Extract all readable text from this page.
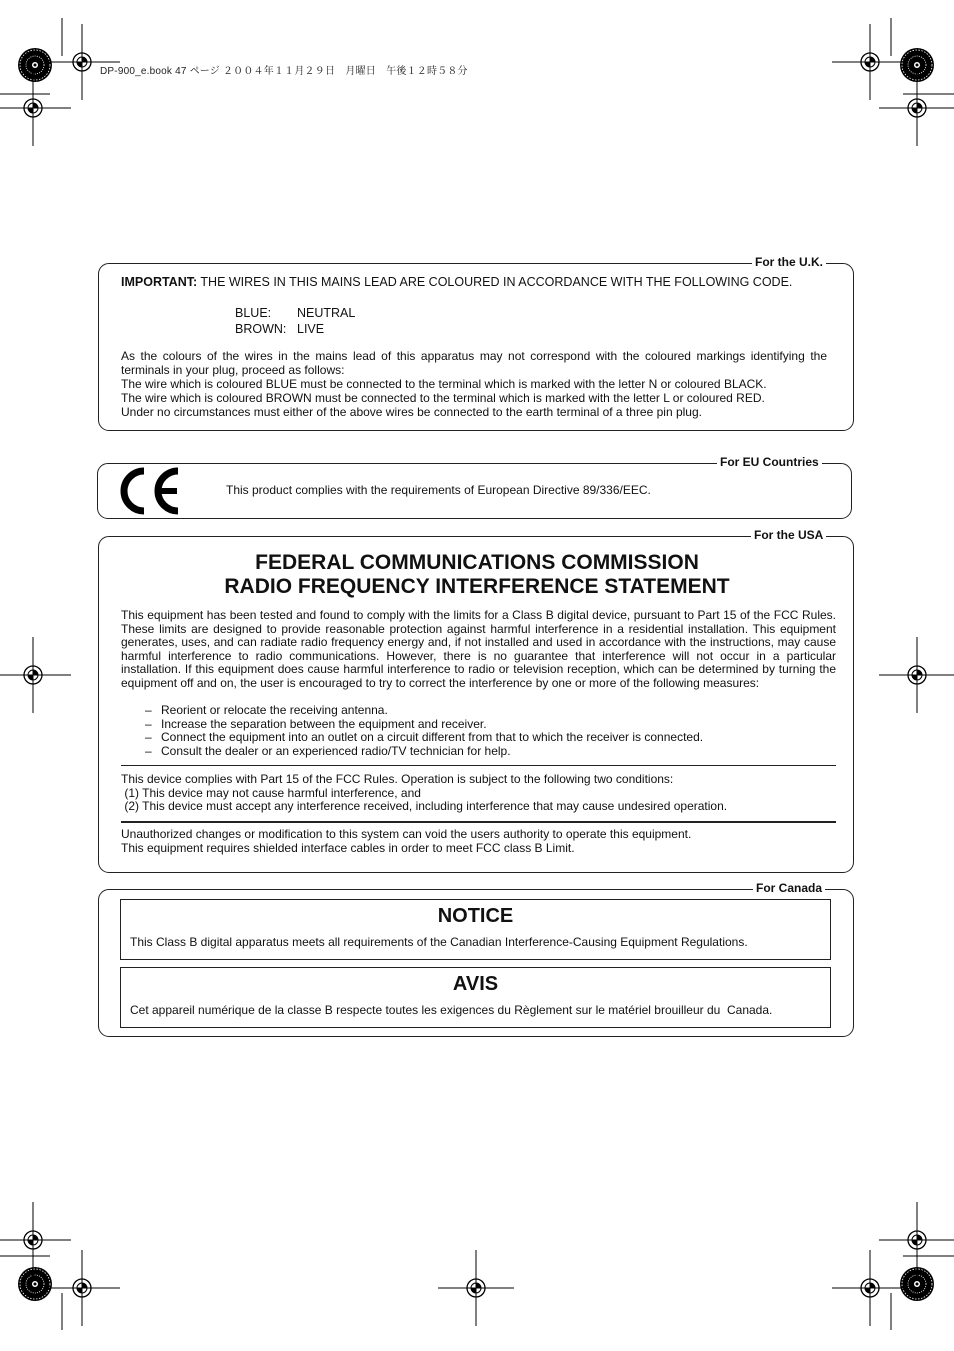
DP-900_e.book 47 ページ ２００４年１１月２９日　月曜日　午後１２時５８分
For the U.K.
IMPORTANT: THE WIRES IN THIS MAINS LEAD ARE COLOURED IN ACCORDANCE WITH THE FOLLOWING CODE.
BLUE: NEUTRAL
BROWN: LIVE
As the colours of the wires in the mains lead of this apparatus may not correspond with the coloured markings identifying the terminals in your plug, proceed as follows:
The wire which is coloured BLUE must be connected to the terminal which is marked with the letter N or coloured BLACK.
The wire which is coloured BROWN must be connected to the terminal which is marked with the letter L or coloured RED.
Under no circumstances must either of the above wires be connected to the earth terminal of a three pin plug.
For EU Countries
This product complies with the requirements of European Directive 89/336/EEC.
For the USA
FEDERAL COMMUNICATIONS COMMISSION
RADIO FREQUENCY INTERFERENCE STATEMENT
This equipment has been tested and found to comply with the limits for a Class B digital device, pursuant to Part 15 of the FCC Rules. These limits are designed to provide reasonable protection against harmful interference in a residential installation. This equipment generates, uses, and can radiate radio frequency energy and, if not installed and used in accordance with the instructions, may cause harmful interference to radio communications. However, there is no guarantee that interference will not occur in a particular installation. If this equipment does cause harmful interference to radio or television reception, which can be determined by turning the equipment off and on, the user is encouraged to try to correct the interference by one or more of the following measures:
– Reorient or relocate the receiving antenna.
– Increase the separation between the equipment and receiver.
– Connect the equipment into an outlet on a circuit different from that to which the receiver is connected.
– Consult the dealer or an experienced radio/TV technician for help.
This device complies with Part 15 of the FCC Rules. Operation is subject to the following two conditions:
(1) This device may not cause harmful interference, and
(2) This device must accept any interference received, including interference that may cause undesired operation.
Unauthorized changes or modification to this system can void the users authority to operate this equipment.
This equipment requires shielded interface cables in order to meet FCC class B Limit.
For Canada
NOTICE
This Class B digital apparatus meets all requirements of the Canadian Interference-Causing Equipment Regulations.
AVIS
Cet appareil numérique de la classe B respecte toutes les exigences du Règlement sur le matériel brouilleur du  Canada.
